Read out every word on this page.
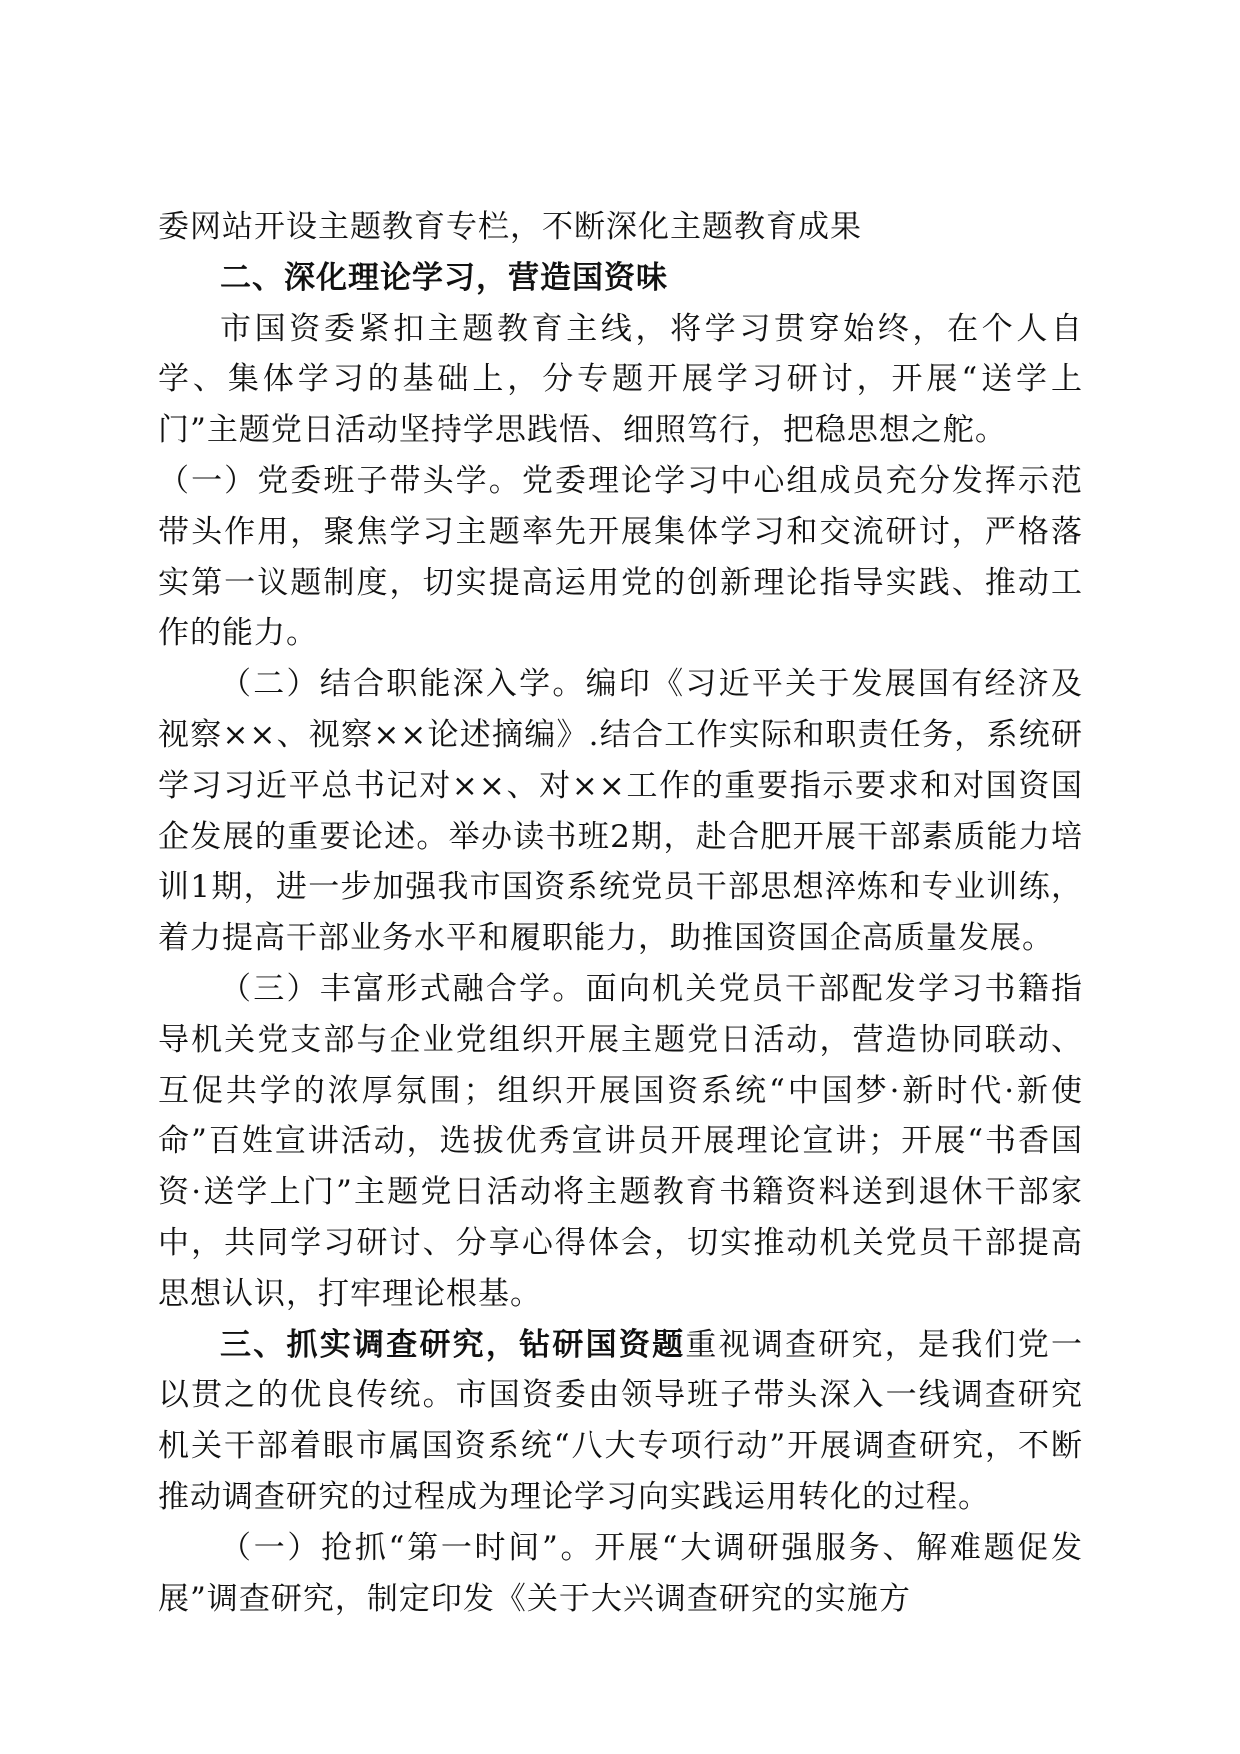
委网站开设主题教育专栏，不断深化主题教育成果

二、深化理论学习，营造国资味

市国资委紧扣主题教育主线，将学习贯穿始终，在个人自学、集体学习的基础上，分专题开展学习研讨，开展“送学上门”主题党日活动坚持学思践悟、细照笃行，把稳思想之舵。

（一）党委班子带头学。党委理论学习中心组成员充分发挥示范带头作用，聚焦学习主题率先开展集体学习和交流研讨，严格落实第一议题制度，切实提高运用党的创新理论指导实践、推动工作的能力。

（二）结合职能深入学。编印《习近平关于发展国有经济及视察××、视察××论述摘编》.结合工作实际和职责任务，系统研学习习近平总书记对××、对××工作的重要指示要求和对国资国企发展的重要论述。举办读书班2期，赴合肥开展干部素质能力培训1期，进一步加强我市国资系统党员干部思想淬炼和专业训练，着力提高干部业务水平和履职能力，助推国资国企高质量发展。

（三）丰富形式融合学。面向机关党员干部配发学习书籍指导机关党支部与企业党组织开展主题党日活动，营造协同联动、互促共学的浓厚氛围；组织开展国资系统“中国梦·新时代·新使命”百姓宣讲活动，选拔优秀宣讲员开展理论宣讲；开展“书香国资·送学上门”主题党日活动将主题教育书籍资料送到退休干部家中，共同学习研讨、分享心得体会，切实推动机关党员干部提高思想认识，打牢理论根基。

三、抓实调查研究，钻研国资题重视调查研究，是我们党一以贯之的优良传统。市国资委由领导班子带头深入一线调查研究机关干部着眼市属国资系统“八大专项行动”开展调查研究，不断推动调查研究的过程成为理论学习向实践运用转化的过程。

（一）抢抓“第一时间”。开展“大调研强服务、解难题促发展”调查研究，制定印发《关于大兴调查研究的实施方
